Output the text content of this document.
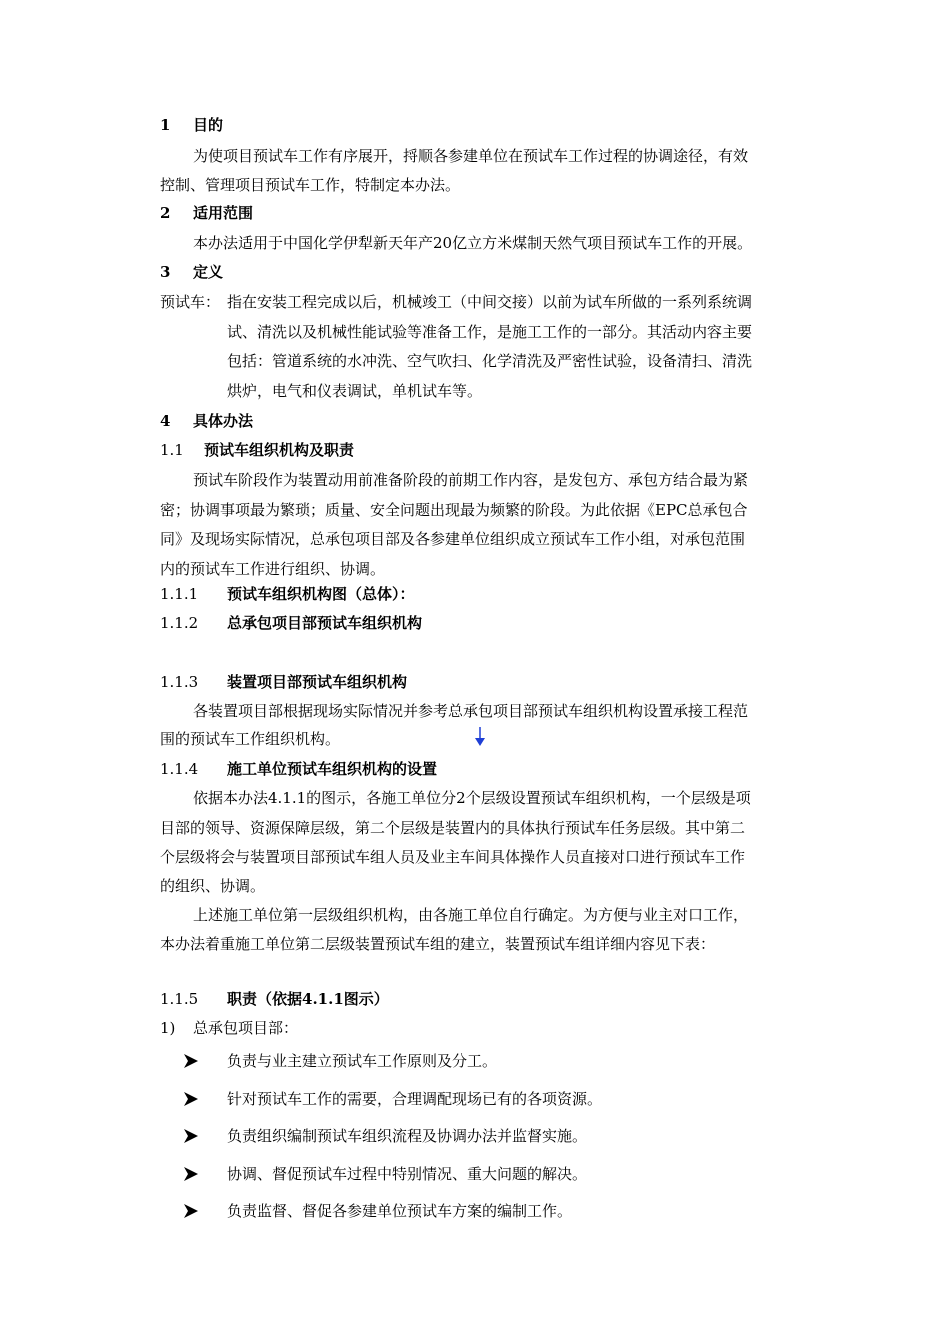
1 目的
为使项目预试车工作有序展开，捋顺各参建单位在预试车工作过程的协调途径，有效
控制、管理项目预试车工作，特制定本办法。
2 适用范围
本办法适用于中国化学伊犁新天年产20亿立方米煤制天然气项目预试车工作的开展。
3 定义
预试车： 指在安装工程完成以后，机械竣工（中间交接）以前为试车所做的一系列系统调
试、清洗以及机械性能试验等准备工作，是施工工作的一部分。其活动内容主要
包括：管道系统的水冲洗、空气吹扫、化学清洗及严密性试验，设备清扫、清洗
烘炉，电气和仪表调试，单机试车等。
4 具体办法
1.1 预试车组织机构及职责
预试车阶段作为装置动用前准备阶段的前期工作内容，是发包方、承包方结合最为紧
密；协调事项最为繁琐；质量、安全问题出现最为频繁的阶段。为此依据《EPC总承包合
同》及现场实际情况，总承包项目部及各参建单位组织成立预试车工作小组，对承包范围
内的预试车工作进行组织、协调。
1.1.1 预试车组织机构图（总体）：
1.1.2 总承包项目部预试车组织机构
1.1.3 装置项目部预试车组织机构
各装置项目部根据现场实际情况并参考总承包项目部预试车组织机构设置承接工程范
围的预试车工作组织机构。
1.1.4 施工单位预试车组织机构的设置
依据本办法4.1.1的图示，各施工单位分2个层级设置预试车组织机构，一个层级是项
目部的领导、资源保障层级，第二个层级是装置内的具体执行预试车任务层级。其中第二
个层级将会与装置项目部预试车组人员及业主车间具体操作人员直接对口进行预试车工作
的组织、协调。
上述施工单位第一层级组织机构，由各施工单位自行确定。为方便与业主对口工作，
本办法着重施工单位第二层级装置预试车组的建立，装置预试车组详细内容见下表：
1.1.5 职责（依据4.1.1图示）
1) 总承包项目部：
负责与业主建立预试车工作原则及分工。
针对预试车工作的需要，合理调配现场已有的各项资源。
负责组织编制预试车组织流程及协调办法并监督实施。
协调、督促预试车过程中特别情况、重大问题的解决。
负责监督、督促各参建单位预试车方案的编制工作。
